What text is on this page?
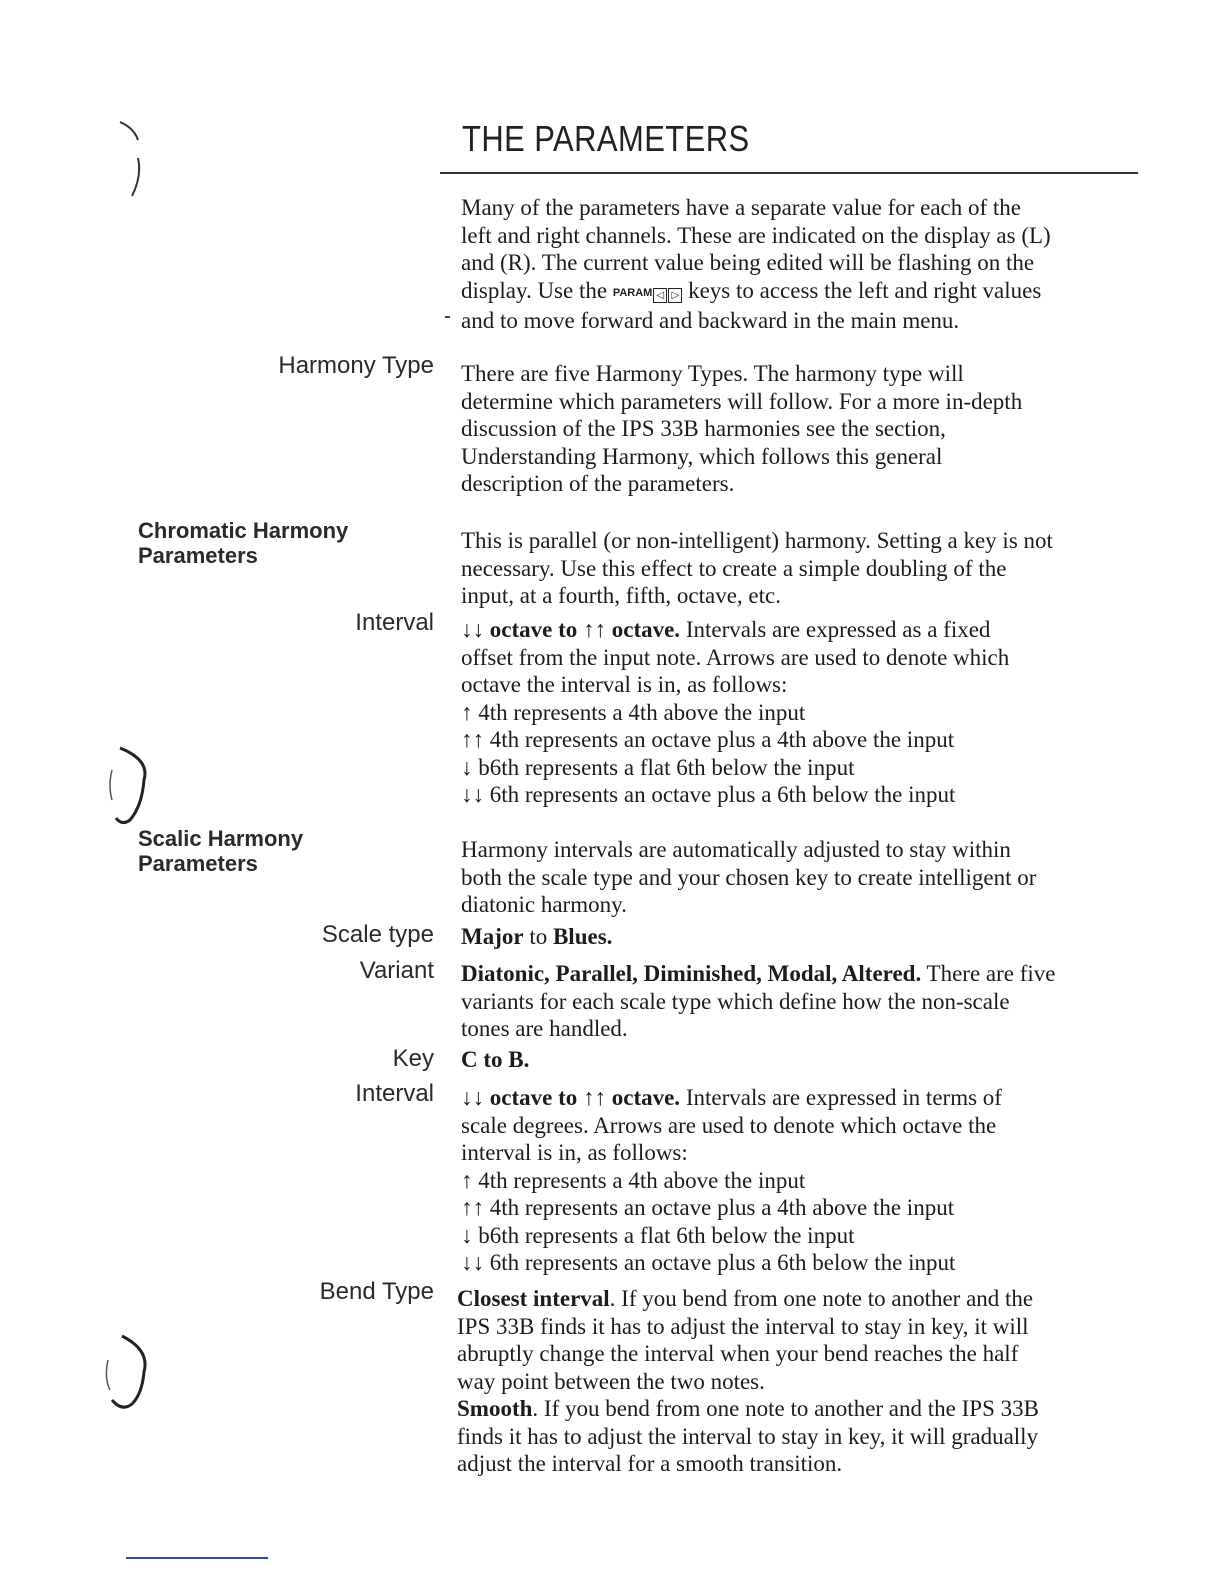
THE PARAMETERS
Many of the parameters have a separate value for each of the
left and right channels. These are indicated on the display as (L)
and (R). The current value being edited will be flashing on the
display. Use the PARAM ◁ ▷ keys to access the left and right values
and to move forward and backward in the main menu.
Harmony Type There are five Harmony Types. The harmony type will
determine which parameters will follow. For a more in-depth
discussion of the IPS 33B harmonies see the section,
Understanding Harmony, which follows this general
description of the parameters.
Chromatic Harmony
Parameters
This is parallel (or non-intelligent) harmony. Setting a key is not
necessary. Use this effect to create a simple doubling of the
input, at a fourth, fifth, octave, etc.
Interval ↓↓ octave to ↑↑ octave. Intervals are expressed as a fixed
offset from the input note. Arrows are used to denote which
octave the interval is in, as follows:
↑ 4th represents a 4th above the input
↑↑ 4th represents an octave plus a 4th above the input
↓ b6th represents a flat 6th below the input
↓↓ 6th represents an octave plus a 6th below the input
Scalic Harmony
Parameters
Harmony intervals are automatically adjusted to stay within
both the scale type and your chosen key to create intelligent or
diatonic harmony.
Scale type Major to Blues.
Variant Diatonic, Parallel, Diminished, Modal, Altered. There are five
variants for each scale type which define how the non-scale
tones are handled.
Key C to B.
Interval ↓↓ octave to ↑↑ octave. Intervals are expressed in terms of
scale degrees. Arrows are used to denote which octave the
interval is in, as follows:
↑ 4th represents a 4th above the input
↑↑ 4th represents an octave plus a 4th above the input
↓ b6th represents a flat 6th below the input
↓↓ 6th represents an octave plus a 6th below the input
Bend Type Closest interval. If you bend from one note to another and the
IPS 33B finds it has to adjust the interval to stay in key, it will
abruptly change the interval when your bend reaches the half
way point between the two notes.
Smooth. If you bend from one note to another and the IPS 33B
finds it has to adjust the interval to stay in key, it will gradually
adjust the interval for a smooth transition.
